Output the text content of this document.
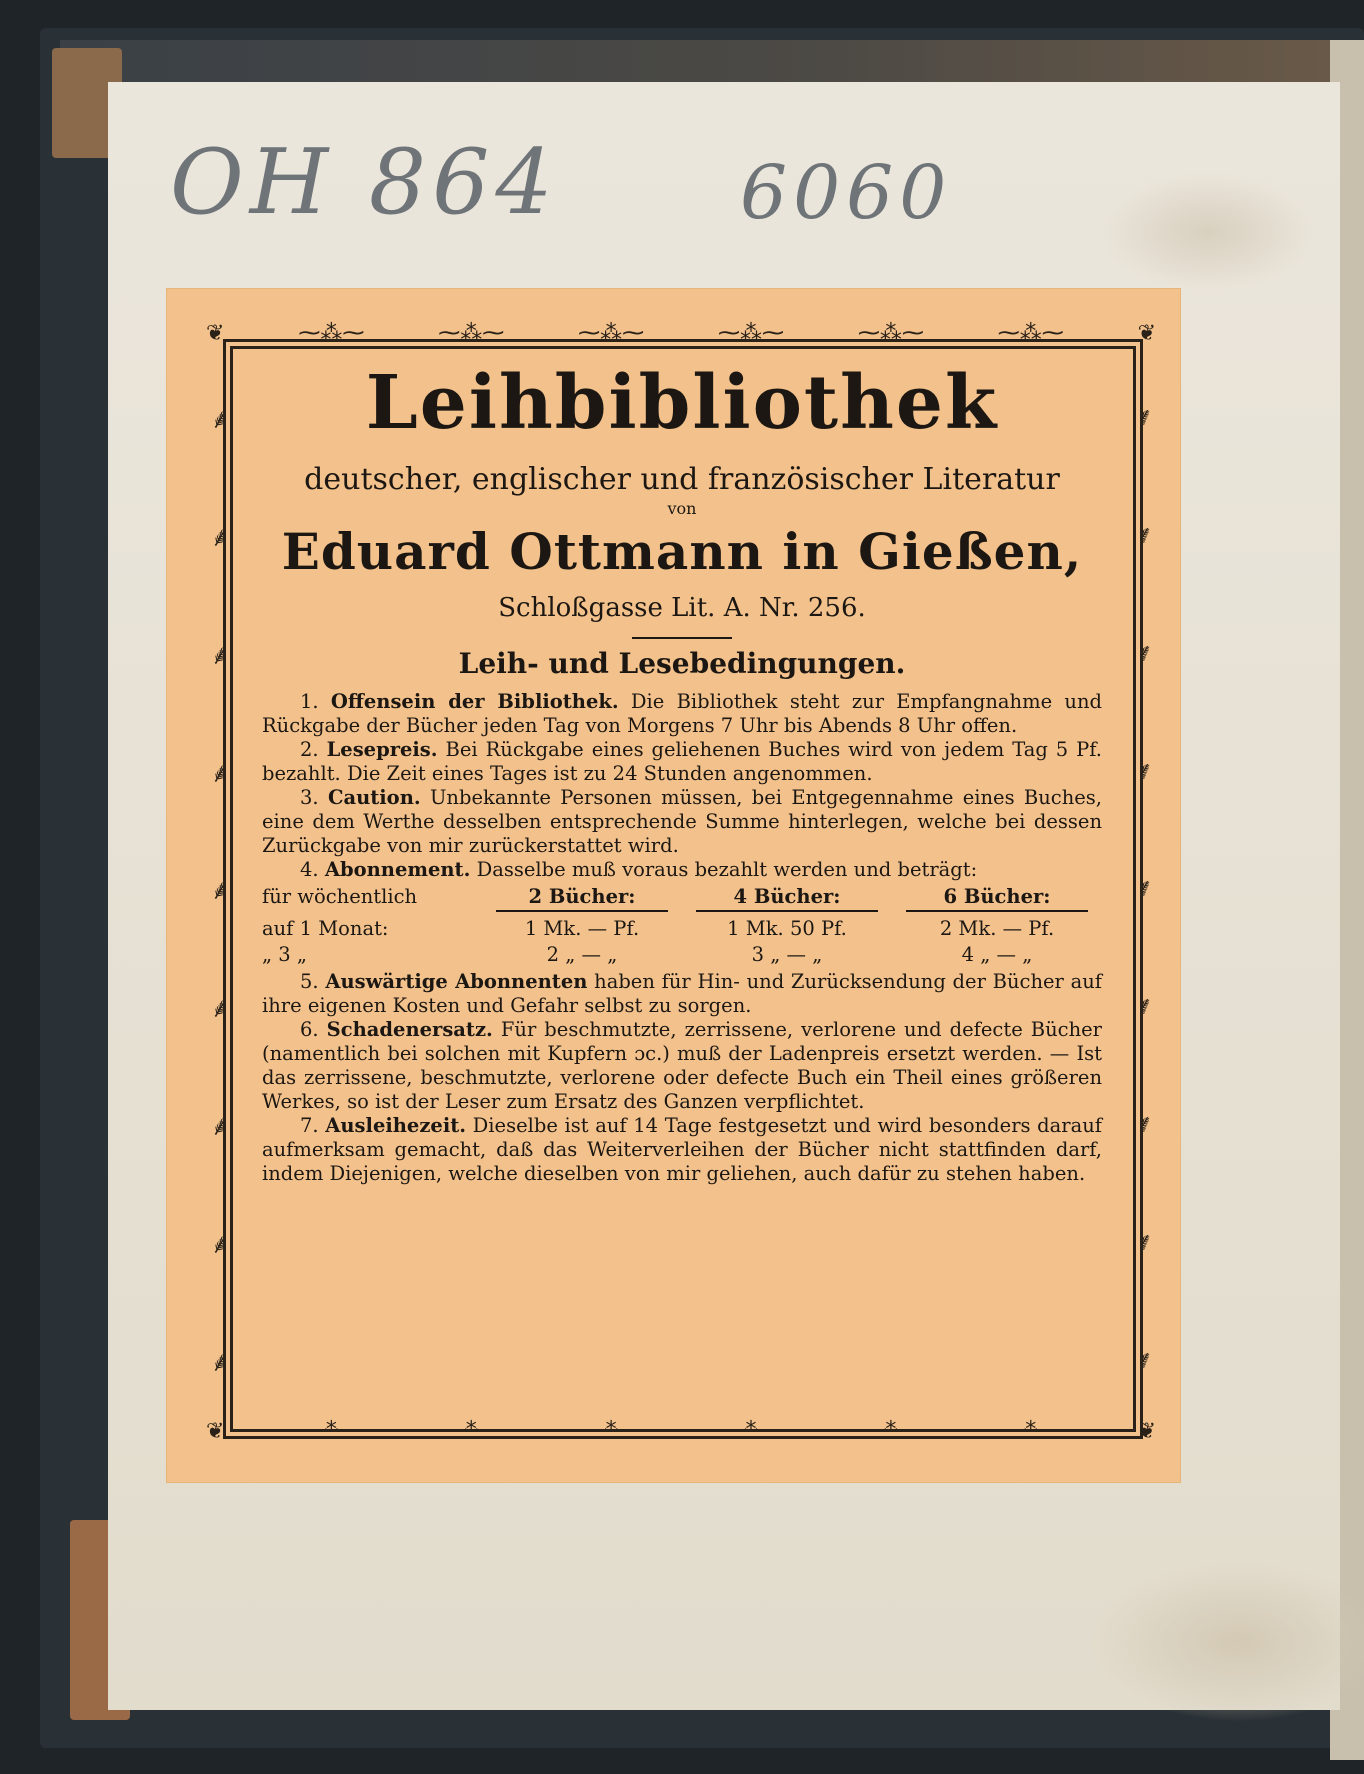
OH 864 6060
❦	⁓⁂⁓	⁓⁂⁓	⁓⁂⁓	⁓⁂⁓	⁓⁂⁓	⁓⁂⁓	❦
⸙
⸙
⸙
⸙
⸙
⸙
⸙
⸙
⸙
⸙
⸙
⸙
⸙
⸙
⸙
⸙
⸙
⸙
❦	⁓⁂⁓	⁓⁂⁓	⁓⁂⁓	⁓⁂⁓	⁓⁂⁓	⁓⁂⁓	❦
Leihbibliothek

deutscher, englischer und französischer Literatur

von

Eduard Ottmann in Gießen,

Schloßgasse Lit. A. Nr. 256.

Leih- und Lesebedingungen.

1. Offensein der Bibliothek. Die Bibliothek steht zur Empfangnahme und Rückgabe der Bücher jeden Tag von Morgens 7 Uhr bis Abends 8 Uhr offen.

2. Lesepreis. Bei Rückgabe eines geliehenen Buches wird von jedem Tag 5 Pf. bezahlt. Die Zeit eines Tages ist zu 24 Stunden angenommen.

3. Caution. Unbekannte Personen müssen, bei Entgegennahme eines Buches, eine dem Werthe desselben entsprechende Summe hinterlegen, welche bei dessen Zurückgabe von mir zurückerstattet wird.

4. Abonnement. Dasselbe muß voraus bezahlt werden und beträgt:

für wöchentlich	2 Bücher:	4 Bücher:	6 Bücher:
auf 1 Monat:	1 Mk. — Pf.	1 Mk. 50 Pf.	2 Mk. — Pf.
„ 3 „	2 „ — „	3 „ — „	4 „ — „

5. Auswärtige Abonnenten haben für Hin- und Zurücksendung der Bücher auf ihre eigenen Kosten und Gefahr selbst zu sorgen.

6. Schadenersatz. Für beschmutzte, zerrissene, verlorene und defecte Bücher (namentlich bei solchen mit Kupfern ɔc.) muß der Ladenpreis ersetzt werden. — Ist das zerrissene, beschmutzte, verlorene oder defecte Buch ein Theil eines größeren Werkes, so ist der Leser zum Ersatz des Ganzen verpflichtet.

7. Ausleihezeit. Dieselbe ist auf 14 Tage festgesetzt und wird besonders darauf aufmerksam gemacht, daß das Weiterverleihen der Bücher nicht stattfinden darf, indem Diejenigen, welche dieselben von mir geliehen, auch dafür zu stehen haben.
